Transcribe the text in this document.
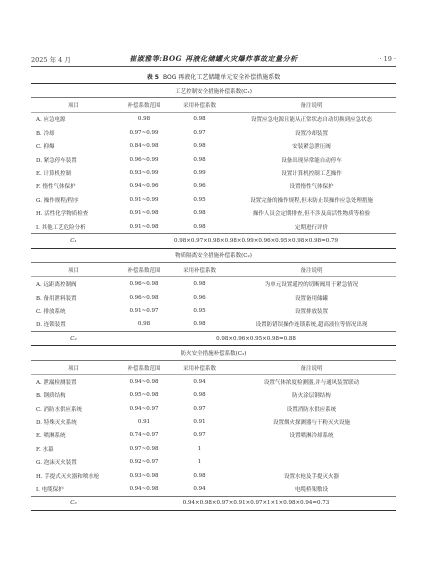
2025 年 4 月	崔淑雅等:BOG 再液化储罐火灾爆炸事故定量分析	· 19 ·
表 5 BOG 再液化工艺储罐单元安全补偿措施系数
工艺控制安全措施补偿系数(C₁)			
项目	补偿系数范围	采用补偿系数	备注说明
A. 应急电源	0.98	0.98	设置应急电源且能从正常状态自动切换到应急状态
B. 冷却	0.97~0.99	0.97	设置冷却装置
C. 抑爆	0.84~0.98	0.98	安装紧急泄压阀
D. 紧急停车装置	0.96~0.99	0.98	设备出现异常能自动停车
E. 计算机控制	0.93~0.99	0.99	设置计算机控制工艺操作
F. 惰性气体保护	0.94~0.96	0.96	设置惰性气体保护
G. 操作规程/程序	0.91~0.99	0.95	设置完备的操作规程,但未防止误操作应急处理措施
H. 活性化学物质检查	0.91~0.98	0.98	操作人员会定期排查,但不涉及高活性物质等检验
I. 其他工艺危险分析	0.91~0.98	0.98	定期进行评价
C₁	0.98×0.97×0.98×0.98×0.99×0.96×0.95×0.98×0.98=0.79		
物质隔离安全措施补偿系数(C₂)			
项目	补偿系数范围	采用补偿系数	备注说明
A. 远距离控制阀	0.96~0.98	0.98	为单元设置遥控的切断阀用于紧急情况
B. 备用泄料装置	0.96~0.98	0.96	设置备用储罐
C. 排放系统	0.91~0.97	0.95	设置排放装置
D. 连锁装置	0.98	0.98	设置防错误操作连锁系统,超高液位等情况出现
C₂	0.98×0.96×0.95×0.98=0.88		
防火安全措施补偿系数(C₃)			
项目	补偿系数范围	采用补偿系数	备注说明
A. 泄漏检测装置	0.94~0.98	0.94	设置气体浓度检测器,并与通风装置联动
B. 钢质结构	0.95~0.98	0.98	防火涂层钢结构
C. 消防水供应系统	0.94~0.97	0.97	设置消防水供应系统
D. 特殊灭火系统	0.91	0.91	设置烟火探测器与干粉灭火设施
E. 喷淋系统	0.74~0.97	0.97	设置喷淋冷却系统
F. 水幕	0.97~0.98	1	
G. 泡沫灭火装置	0.92~0.97	1	
H. 手提式灭火器和喷水枪	0.93~0.98	0.98	设置水枪及手提灭火器
I. 电缆保护	0.94~0.98	0.94	电缆桥架敷设
C₃	0.94×0.98×0.97×0.91×0.97×1×1×0.98×0.94=0.73		
